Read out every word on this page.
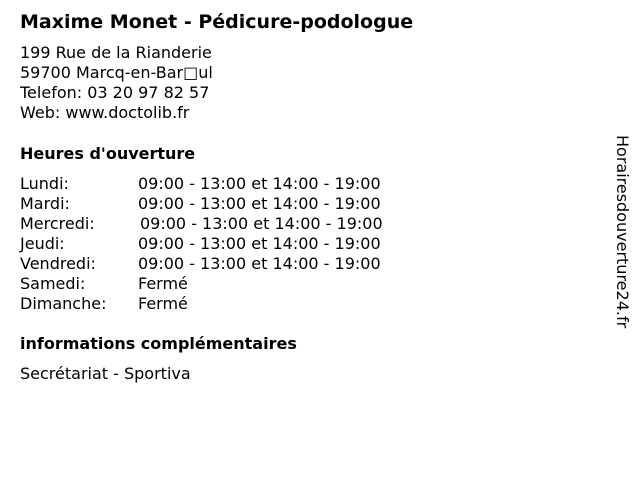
Maxime Monet - Pédicure-podologue
199 Rue de la Rianderie
59700 Marcq-en-Bar□ul
Telefon: 03 20 97 82 57
Web: www.doctolib.fr
Heures d'ouverture
Lundi:	09:00 - 13:00 et 14:00 - 19:00
Mardi:	09:00 - 13:00 et 14:00 - 19:00
Mercredi:	09:00 - 13:00 et 14:00 - 19:00
Jeudi:	09:00 - 13:00 et 14:00 - 19:00
Vendredi:	09:00 - 13:00 et 14:00 - 19:00
Samedi:	Fermé
Dimanche: Fermé
informations complémentaires
Secrétariat - Sportiva
Horairesdouverture24.fr
